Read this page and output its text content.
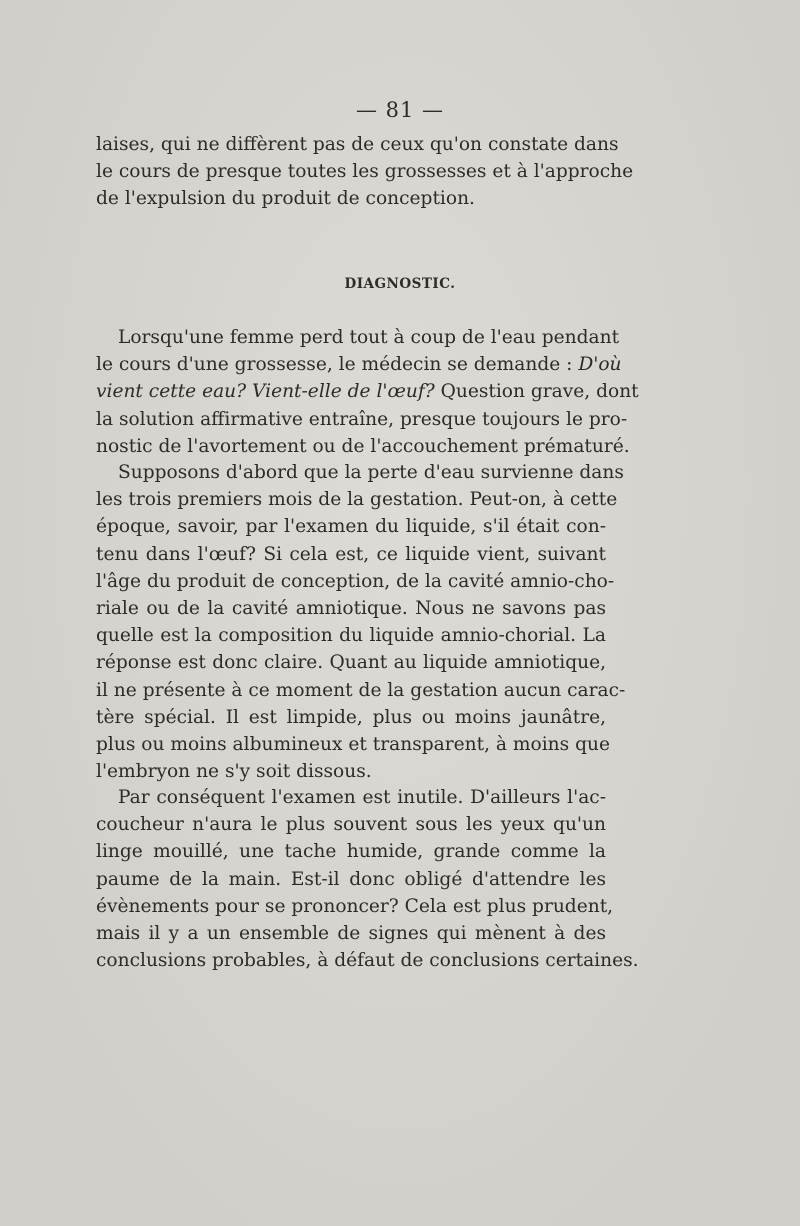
— 81 —
laises, qui ne diffèrent pas de ceux qu'on constate dans
le cours de presque toutes les grossesses et à l'approche
de l'expulsion du produit de conception.
DIAGNOSTIC.
Lorsqu'une femme perd tout à coup de l'eau pendant
le cours d'une grossesse, le médecin se demande : D'où
vient cette eau? Vient-elle de l'œuf? Question grave, dont
la solution affirmative entraîne, presque toujours le pro-
nostic de l'avortement ou de l'accouchement prématuré.
Supposons d'abord que la perte d'eau survienne dans
les trois premiers mois de la gestation. Peut-on, à cette
époque, savoir, par l'examen du liquide, s'il était con-
tenu dans l'œuf? Si cela est, ce liquide vient, suivant
l'âge du produit de conception, de la cavité amnio-cho-
riale ou de la cavité amniotique. Nous ne savons pas
quelle est la composition du liquide amnio-chorial. La
réponse est donc claire. Quant au liquide amniotique,
il ne présente à ce moment de la gestation aucun carac-
tère spécial. Il est limpide, plus ou moins jaunâtre,
plus ou moins albumineux et transparent, à moins que
l'embryon ne s'y soit dissous.
Par conséquent l'examen est inutile. D'ailleurs l'ac-
coucheur n'aura le plus souvent sous les yeux qu'un
linge mouillé, une tache humide, grande comme la
paume de la main. Est-il donc obligé d'attendre les
évènements pour se prononcer? Cela est plus prudent,
mais il y a un ensemble de signes qui mènent à des
conclusions probables, à défaut de conclusions certaines.
